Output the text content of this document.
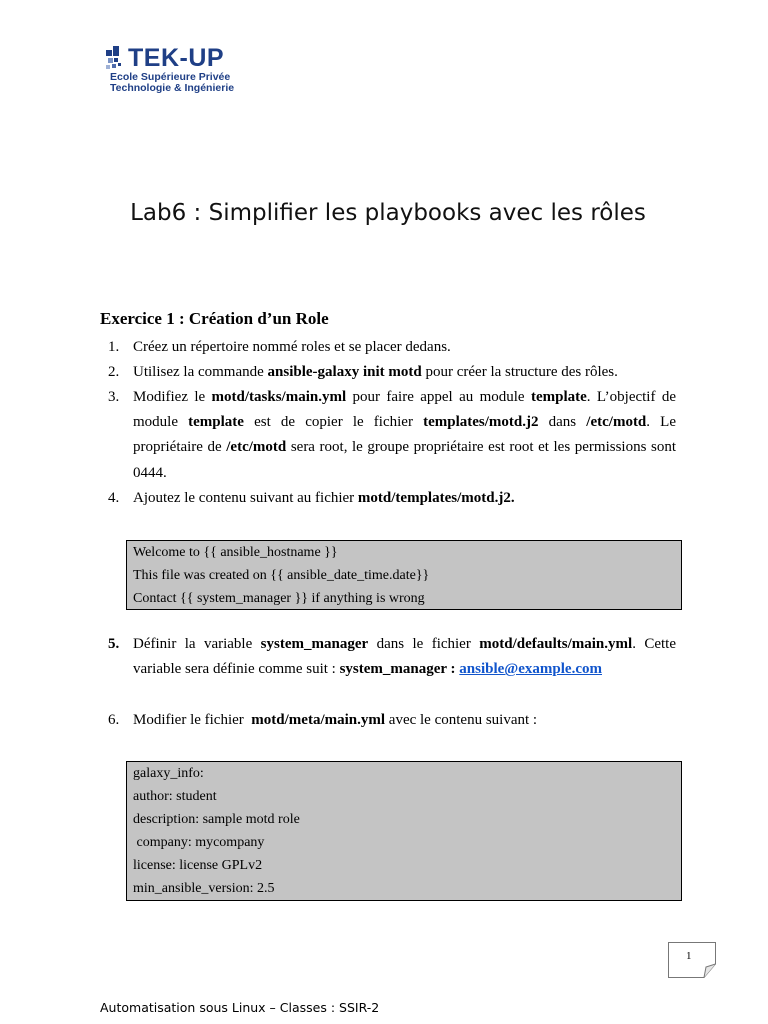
TEK-UP
Ecole Supérieure Privée
Technologie & Ingénierie
Lab6 : Simplifier les playbooks avec les rôles
Exercice 1 : Création d’un Role
1. Créez un répertoire nommé roles et se placer dedans.
2. Utilisez la commande ansible-galaxy init motd pour créer la structure des rôles.
3. Modifiez le motd/tasks/main.yml pour faire appel au module template. L’objectif de module template est de copier le fichier templates/motd.j2 dans /etc/motd. Le propriétaire de /etc/motd sera root, le groupe propriétaire est root et les permissions sont 0444.
4. Ajoutez le contenu suivant au fichier motd/templates/motd.j2.
Welcome to {{ ansible_hostname }}
This file was created on {{ ansible_date_time.date}}
Contact {{ system_manager }} if anything is wrong
5. Définir la variable system_manager dans le fichier motd/defaults/main.yml. Cette variable sera définie comme suit : system_manager : ansible@example.com
6. Modifier le fichier  motd/meta/main.yml avec le contenu suivant :
galaxy_info:
author: student
description: sample motd role
company: mycompany
license: license GPLv2
min_ansible_version: 2.5
1
Automatisation sous Linux – Classes : SSIR-2
